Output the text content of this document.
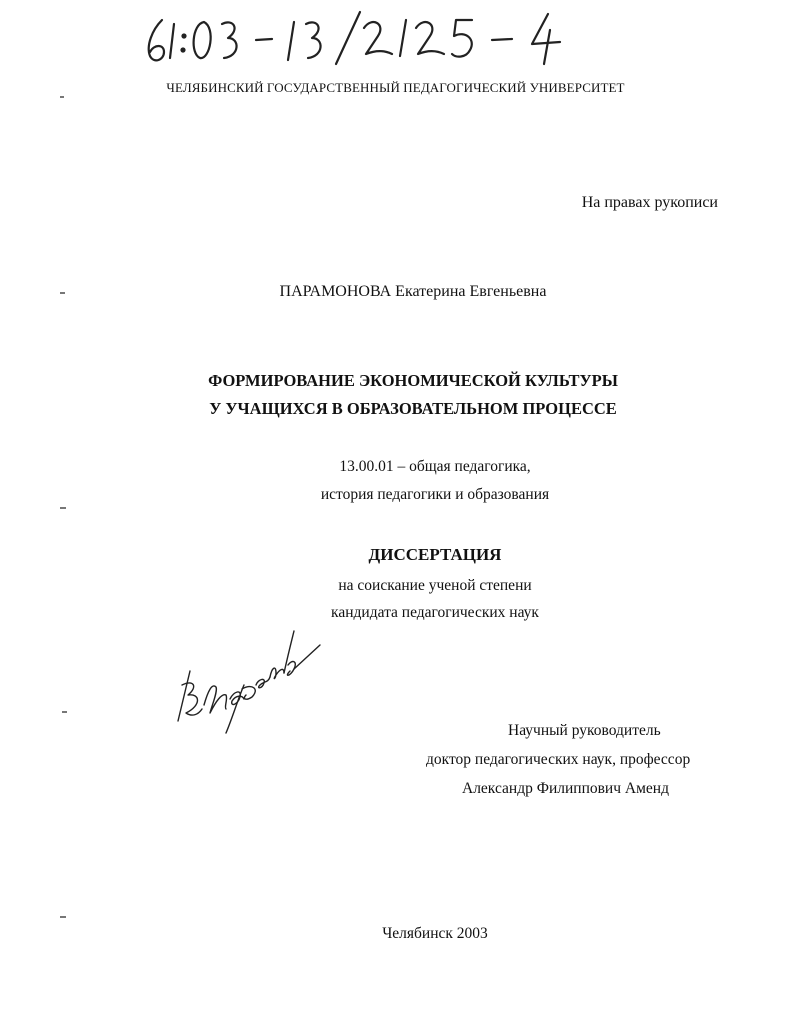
ЧЕЛЯБИНСКИЙ ГОСУДАРСТВЕННЫЙ ПЕДАГОГИЧЕСКИЙ УНИВЕРСИТЕТ
На правах рукописи
ПАРАМОНОВА Екатерина Евгеньевна
ФОРМИРОВАНИЕ ЭКОНОМИЧЕСКОЙ КУЛЬТУРЫ
У УЧАЩИХСЯ В ОБРАЗОВАТЕЛЬНОМ ПРОЦЕССЕ
13.00.01 – общая педагогика,
история педагогики и образования
ДИССЕРТАЦИЯ
на соискание ученой степени
кандидата педагогических наук
Научный руководитель
доктор педагогических наук, профессор
Александр Филиппович Аменд
Челябинск 2003
